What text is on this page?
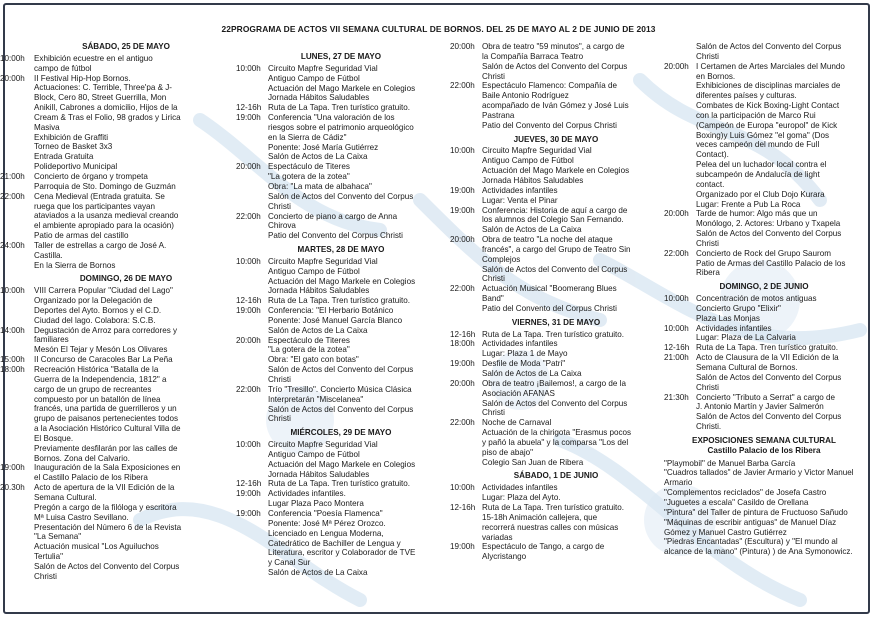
22PROGRAMA DE ACTOS VII SEMANA CULTURAL DE BORNOS. DEL 25 DE MAYO AL 2 DE JUNIO DE 2013
SÁBADO, 25 DE MAYO
10:00h	Exhibición ecuestre en el antiguo
campo de fútbol
20:00h	II Festival Hip-Hop Bornos.
Actuaciones: C. Terrible, Three'pa & J-
Block, Cero 80, Street Guerrilla, Mon
Anikill, Cabrones a domicilio, Hijos de la
Cream & Tras el Folio, 98 grados y Lirica
Masiva
Exhibición de Graffiti
Torneo de Basket 3x3
Entrada Gratuita
Polideportivo Municipal
21:00h	Concierto de órgano y trompeta
Parroquia de Sto. Domingo de Guzmán
22:00h	Cena Medieval (Entrada gratuita. Se
ruega que los participantes vayan
ataviados a la usanza medieval creando
el ambiente apropiado para la ocasión)
Patio de armas del castillo
24:00h	Taller de estrellas a cargo de José A.
Castilla.
En la Sierra de Bornos
DOMINGO, 26 DE MAYO
10:00h	VIII Carrera Popular "Ciudad del Lago"
Organizado por la Delegación de
Deportes del Ayto. Bornos y el C.D.
Ciudad del lago. Colabora: S.C.B.
14:00h	Degustación de Arroz para corredores y
familiares
Mesón El Tejar y Mesón Los Olivares
15:00h	II Concurso de Caracoles Bar La Peña
18:00h	Recreación Histórica "Batalla de la
Guerra de la Independencia, 1812" a
cargo de un grupo de recreantes
compuesto por un batallón de línea
francés, una partida de guerrilleros y un
grupo de paisanos pertenecientes todos
a la Asociación Histórico Cultural Villa de
El Bosque.
Previamente desfilarán por las calles de
Bornos. Zona del Calvario.
19:00h	Inauguración de la Sala Exposiciones en
el Castillo Palacio de los Ribera
20.30h	Acto de apertura de la VII Edición de la
Semana Cultural.
Pregón a cargo de la filóloga y escritora
Mª Luisa Castro Sevillano.
Presentación del Número 6 de la Revista
"La Semana"
Actuación musical "Los Aguiluchos
Tertulia"
Salón de Actos del Convento del Corpus
Christi
LUNES, 27 DE MAYO
10:00h Circuito Mapfre Seguridad Vial
Antiguo Campo de Fútbol
Actuación del Mago Markele en Colegios
Jornada Hábitos Saludables
12-16h Ruta de La Tapa. Tren turístico gratuito.
19:00h Conferencia "Una valoración de los
riesgos sobre el patrimonio arqueológico
en la Sierra de Cádiz"
Ponente: José María Gutiérrez
Salón de Actos de La Caixa
20:00h Espectáculo de Titeres
"La gotera de la zotea"
Obra: "La mata de albahaca"
Salón de Actos del Convento del Corpus
Christi
22:00h Concierto de piano a cargo de Anna
Chirova
Patio del Convento del Corpus Christi
MARTES, 28 DE MAYO
10:00h Circuito Mapfre Seguridad Vial
Antiguo Campo de Fútbol
Actuación del Mago Markele en Colegios
Jornada Hábitos Saludables
12-16h Ruta de La Tapa. Tren turístico gratuito.
19:00h Conferencia: "El Herbario Botánico
Ponente: José Manuel García Blanco
Salón de Actos de La Caixa
20:00h Espectáculo de Titeres
"La gotera de la zotea"
Obra: "El gato con botas"
Salón de Actos del Convento del Corpus
Christi
22:00h Trío "Tresillo". Concierto Música Clásica
Interpretarán "Miscelanea"
Salón de Actos del Convento del Corpus
Christi
MIÉRCOLES, 29 DE MAYO
10:00h Circuito Mapfre Seguridad Vial
Antiguo Campo de Fútbol
Actuación del Mago Markele en Colegios
Jornada Hábitos Saludables
12-16h Ruta de La Tapa. Tren turístico gratuito.
19:00h Actividades infantiles.
Lugar Plaza Paco Montera
19:00h Conferencia "Poesía Flamenca"
Ponente: José Mª Pérez Orozco.
Licenciado en Lengua Moderna,
Catedrático de Bachiller de Lengua y
Literatura, escritor y Colaborador de TVE
y Canal Sur
Salón de Actos de La Caixa
20:00h Obra de teatro "59 minutos", a cargo de
la Compañía Barraca Teatro
Salón de Actos del Convento del Corpus
Christi
22:00h Espectáculo Flamenco: Compañía de
Baile Antonio Rodríguez
acompañado de Iván Gómez y José Luis
Pastrana
Patio del Convento del Corpus Christi
JUEVES, 30 DE MAYO
10:00h Circuito Mapfre Seguridad Vial
Antiguo Campo de Fútbol
Actuación del Mago Markele en Colegios
Jornada Hábitos Saludables
19:00h Actividades infantiles
Lugar: Venta el Pinar
19:00h Conferencia: Historia de aquí a cargo de
los alumnos del Colegio San Fernando.
Salón de Actos de La Caixa
20:00h Obra de teatro "La noche del ataque
francés", a cargo del Grupo de Teatro Sin
Complejos
Salón de Actos del Convento del Corpus
Christi
22:00h Actuación Musical "Boomerang Blues
Band"
Patio del Convento del Corpus Christi
VIERNES, 31 DE MAYO
12-16h Ruta de La Tapa. Tren turístico gratuito.
18:00h Actividades infantiles
Lugar: Plaza 1 de Mayo
19:00h Desfile de Moda "Patri"
Salón de Actos de La Caixa
20:00h Obra de teatro ¡Bailemos!, a cargo de la
Asociación AFANAS
Salón de Actos del Convento del Corpus
Christi
22:00h Noche de Carnaval
Actuación de la chirigota "Erasmus pocos
y pañó la abuela" y la comparsa "Los del
piso de abajo"
Colegio San Juan de Ribera
SÁBADO, 1 DE JUNIO
10:00h Actividades infantiles
Lugar: Plaza del Ayto.
12-16h Ruta de La Tapa. Tren turístico gratuito.
15-18h Animación callejera, que
recorrerá nuestras calles con músicas
variadas
19:00h Espectáculo de Tango, a cargo de
Alycristango
Salón de Actos del Convento del Corpus
Christi
20:00h I Certamen de Artes Marciales del Mundo
en Bornos.
Exhibiciones de disciplinas marciales de
diferentes países y culturas.
Combates de Kick Boxing-Light Contact
con la participación de Marco Rui
(Campeón de Europa "europol" de Kick
Boxing)y Luis Gómez "el goma" (Dos
veces campeón del mundo de Full
Contact).
Pelea del un luchador local contra el
subcampeón de Andalucía de light
contact.
Organizado por el Club Dojo Kurara
Lugar: Frente a Pub La Roca
20:00h Tarde de humor: Algo más que un
Monólogo, 2. Actores: Urbano y Txapela
Salón de Actos del Convento del Corpus
Christi
22:00h Concierto de Rock del Grupo Saurom
Patio de Armas del Castillo Palacio de los
Ribera
DOMINGO, 2 DE JUNIO
10:00h Concentración de motos antiguas
Concierto Grupo "Elixir"
Plaza Las Monjas
10:00h Actividades infantiles
Lugar: Plaza de La Calvaria
12-16h Ruta de La Tapa. Tren turístico gratuito.
21:00h Acto de Clausura de la VII Edición de la
Semana Cultural de Bornos.
Salón de Actos del Convento del Corpus
Christi
21:30h Concierto "Tributo a Serrat" a cargo de
J. Antonio Martín y Javier Salmerón
Salón de Actos del Convento del Corpus
Christi.
EXPOSICIONES SEMANA CULTURAL
Castillo Palacio de los Ribera
"Playmobil" de Manuel Barba García
"Cuadros tallados" de Javier Armario y Victor Manuel Armario
"Complementos reciclados" de Josefa Castro
"Juguetes a escala" Casildo de Orellana
"Pintura" del Taller de pintura de Fructuoso Sañudo
"Máquinas de escribir antiguas" de Manuel Díaz Gómez y Manuel Castro Gutiérrez
"Piedras Encantadas" (Escultura) y "El mundo al alcance de la mano" (Pintura) ) de Ana Symonowicz.
